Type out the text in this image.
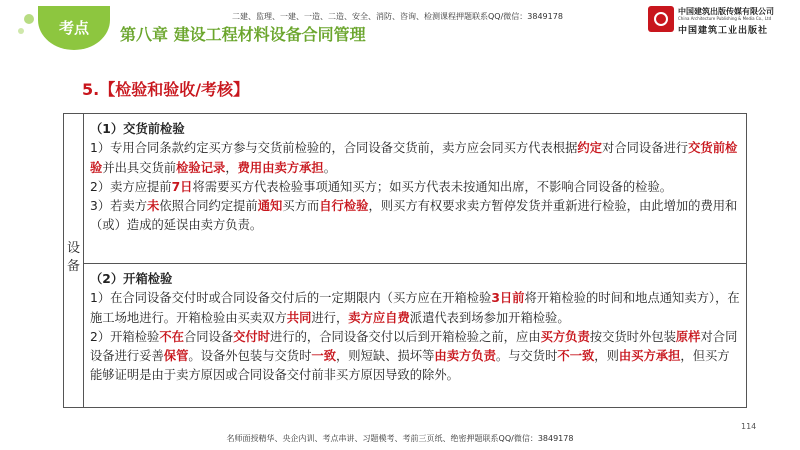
考点	第八章 建设工程材料设备合同管理
二建、监理、一建、一造、二造、安全、消防、咨询、检测课程押题联系QQ/微信：3849178
中国建筑出版传媒有限公司
China Architecture Publishing & Media Co., Ltd
中国建筑工业出版社
5.【检验和验收/考核】
设备
（1）交货前检验
1）专用合同条款约定买方参与交货前检验的，合同设备交货前，卖方应会同买方代表根据约定对合同设备进行交货前检验并出具交货前检验记录，费用由卖方承担。
2）卖方应提前7日将需要买方代表检验事项通知买方；如买方代表未按通知出席，不影响合同设备的检验。
3）若卖方未依照合同约定提前通知买方而自行检验，则买方有权要求卖方暂停发货并重新进行检验，由此增加的费用和（或）造成的延误由卖方负责。
（2）开箱检验
1）在合同设备交付时或合同设备交付后的一定期限内（买方应在开箱检验3日前将开箱检验的时间和地点通知卖方），在施工场地进行。开箱检验由买卖双方共同进行，卖方应自费派遣代表到场参加开箱检验。
2）开箱检验不在合同设备交付时进行的，合同设备交付以后到开箱检验之前，应由买方负责按交货时外包装原样对合同设备进行妥善保管。设备外包装与交货时一致，则短缺、损坏等由卖方负责。与交货时不一致，则由买方承担，但买方能够证明是由于卖方原因或合同设备交付前非买方原因导致的除外。
114
名师面授精华、央企内训、考点串讲、习题模考、考前三页纸、绝密押题联系QQ/微信：3849178
